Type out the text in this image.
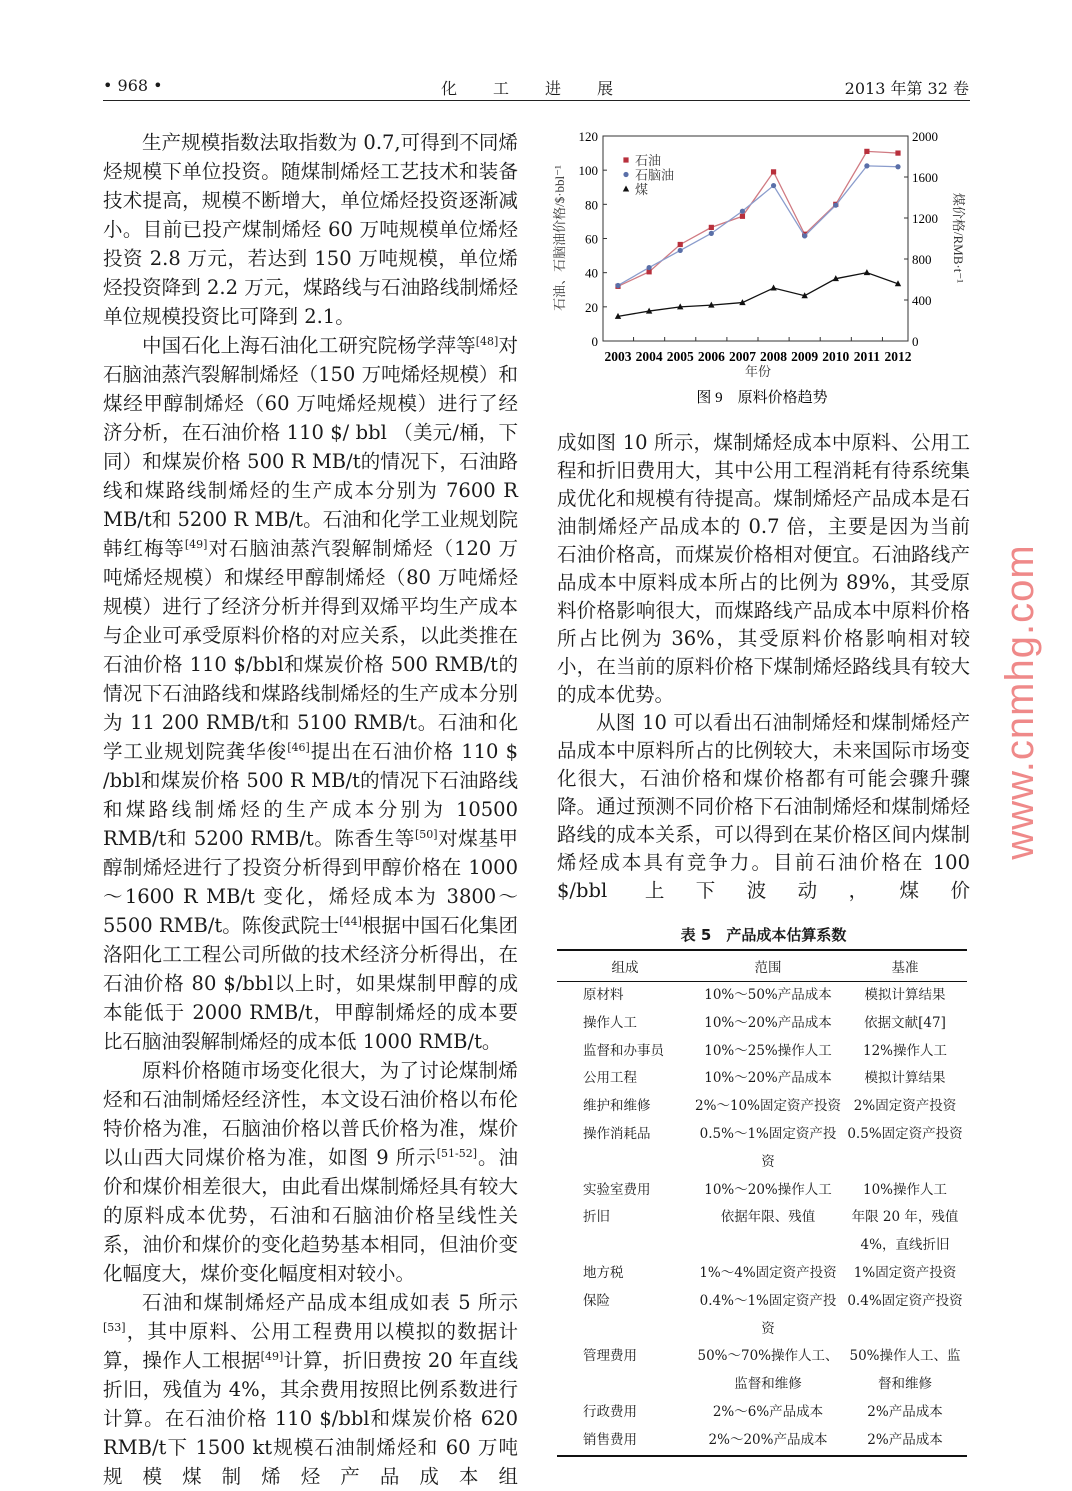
• 968 •	化工进展	2013 年第 32 卷

生产规模指数法取指数为 0.7,可得到不同烯烃规模下单位投资。随煤制烯烃工艺技术和装备技术提高，规模不断增大，单位烯烃投资逐渐减小。目前已投产煤制烯烃 60 万吨规模单位烯烃投资 2.8 万元，若达到 150 万吨规模，单位烯烃投资降到 2.2 万元，煤路线与石油路线制烯烃单位规模投资比可降到 2.1。

中国石化上海石油化工研究院杨学萍等[48]对石脑油蒸汽裂解制烯烃（150 万吨烯烃规模）和煤经甲醇制烯烃（60 万吨烯烃规模）进行了经济分析，在石油价格 110 $/ bbl （美元/桶，下同）和煤炭价格 500 R MB/t的情况下，石油路线和煤路线制烯烃的生产成本分别为 7600 R MB/t和 5200 R MB/t。石油和化学工业规划院韩红梅等[49]对石脑油蒸汽裂解制烯烃（120 万吨烯烃规模）和煤经甲醇制烯烃（80 万吨烯烃规模）进行了经济分析并得到双烯平均生产成本与企业可承受原料价格的对应关系，以此类推在石油价格 110 $/bbl和煤炭价格 500 RMB/t的情况下石油路线和煤路线制烯烃的生产成本分别为 11 200 RMB/t和 5100 RMB/t。石油和化学工业规划院龚华俊[46]提出在石油价格 110 $ /bbl和煤炭价格 500 R MB/t的情况下石油路线和煤路线制烯烃的生产成本分别为 10500 RMB/t和 5200 RMB/t。陈香生等[50]对煤基甲醇制烯烃进行了投资分析得到甲醇价格在 1000～1600 R MB/t 变化，烯烃成本为 3800～5500 RMB/t。陈俊武院士[44]根据中国石化集团洛阳化工工程公司所做的技术经济分析得出，在石油价格 80 $/bbl以上时，如果煤制甲醇的成本能低于 2000 RMB/t，甲醇制烯烃的成本要比石脑油裂解制烯烃的成本低 1000 RMB/t。

原料价格随市场变化很大，为了讨论煤制烯烃和石油制烯烃经济性，本文设石油价格以布伦特价格为准，石脑油价格以普氏价格为准，煤价以山西大同煤价格为准，如图 9 所示[51-52]。油价和煤价相差很大，由此看出煤制烯烃具有较大的原料成本优势，石油和石脑油价格呈线性关系，油价和煤价的变化趋势基本相同，但油价变化幅度大，煤价变化幅度相对较小。

石油和煤制烯烃产品成本组成如表 5 所示[53]，其中原料、公用工程费用以模拟的数据计算，操作人工根据[49]计算，折旧费按 20 年直线折旧，残值为 4%，其余费用按照比例系数进行计算。在石油价格 110 $/bbl和煤炭价格 620 RMB/t下 1500 kt规模石油制烯烃和 60 万吨规模煤制烯烃产品成本组

成如图 10 所示，煤制烯烃成本中原料、公用工程和折旧费用大，其中公用工程消耗有待系统集成优化和规模有待提高。煤制烯烃产品成本是石油制烯烃产品成本的 0.7 倍，主要是因为当前石油价格高，而煤炭价格相对便宜。石油路线产品成本中原料成本所占的比例为 89%，其受原料价格影响很大，而煤路线产品成本中原料价格所占比例为 36%，其受原料价格影响相对较小，在当前的原料价格下煤制烯烃路线具有较大的成本优势。

从图 10 可以看出石油制烯烃和煤制烯烃产品成本中原料所占的比例较大，未来国际市场变化很大，石油价格和煤价格都有可能会骤升骤降。通过预测不同价格下石油制烯烃和煤制烯烃路线的成本关系，可以得到在某价格区间内煤制烯烃成本具有竞争力。目前石油价格在 100 $/bbl 上下波动，煤价

表 5　产品成本估算系数
组成	范围	基准
原材料	10%～50%产品成本	模拟计算结果
操作人工	10%～20%产品成本	依据文献[47]
监督和办事员	10%～25%操作人工	12%操作人工
公用工程	10%～20%产品成本	模拟计算结果
维护和维修	2%～10%固定资产投资	2%固定资产投资
操作消耗品	0.5%～1%固定资产投资	0.5%固定资产投资
实验室费用	10%～20%操作人工	10%操作人工
折旧	依据年限、残值	年限 20 年，残值 4%，直线折旧
地方税	1%～4%固定资产投资	1%固定资产投资
保险	0.4%～1%固定资产投资	0.4%固定资产投资
管理费用	50%～70%操作人工、监督和维修	50%操作人工、监督和维修
行政费用	2%～6%产品成本	2%产品成本
销售费用	2%～20%产品成本	2%产品成本
0
20
40
60
80
100
120
0
400
800
1200
1600
2000
2003 2004 2005 2006 2007 2008 2009 2010 2011 2012
年份
石油、石脑油价格/$·bbl⁻¹	煤价格/RMB·t⁻¹
图 9　原料价格趋势
石油
石脑油
煤
www.cnmhg.com
